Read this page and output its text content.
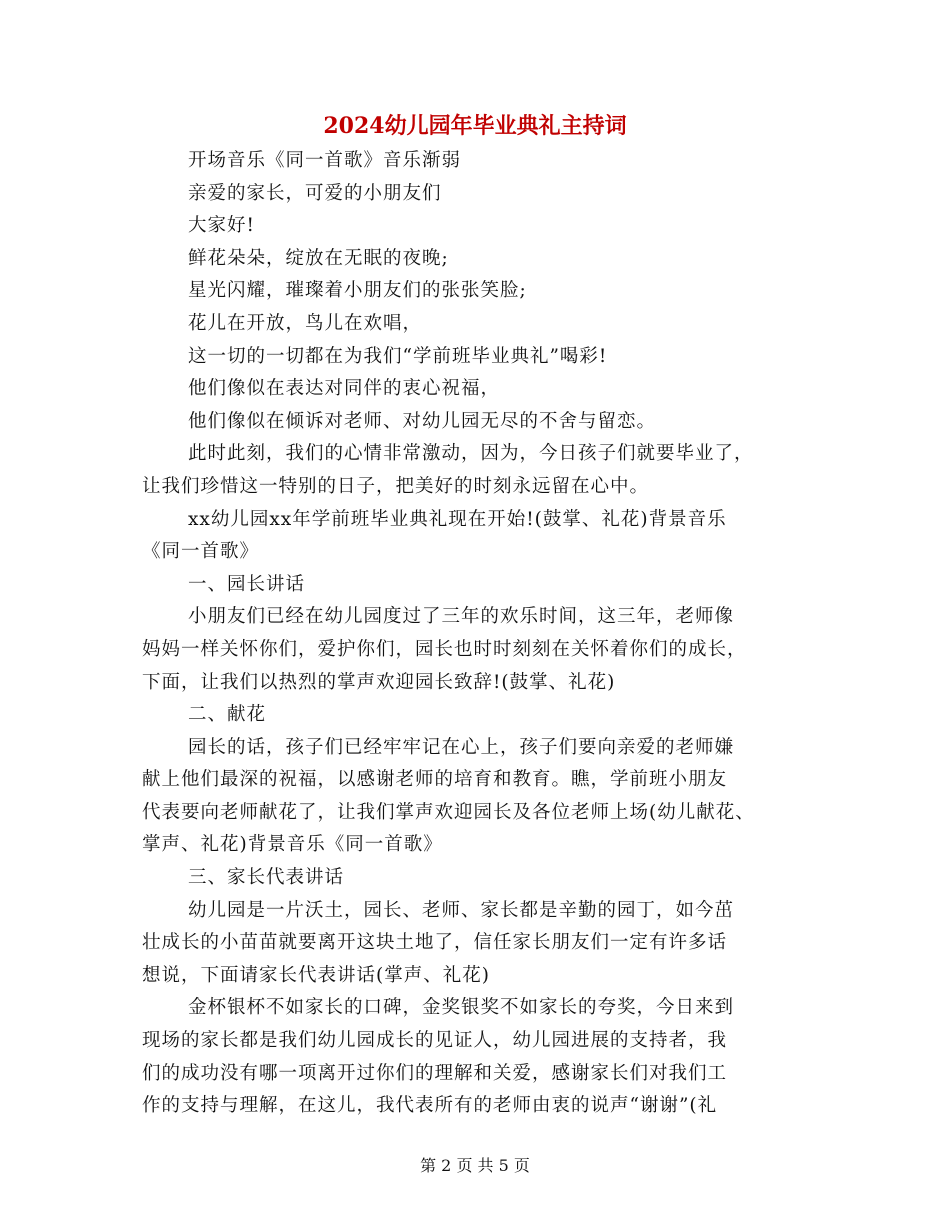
2024幼儿园年毕业典礼主持词
开场音乐《同一首歌》音乐渐弱
亲爱的家长，可爱的小朋友们
大家好!
鲜花朵朵，绽放在无眠的夜晚;
星光闪耀，璀璨着小朋友们的张张笑脸;
花儿在开放，鸟儿在欢唱，
这一切的一切都在为我们“学前班毕业典礼”喝彩!
他们像似在表达对同伴的衷心祝福，
他们像似在倾诉对老师、对幼儿园无尽的不舍与留恋。
此时此刻，我们的心情非常激动，因为，今日孩子们就要毕业了，
让我们珍惜这一特别的日子，把美好的时刻永远留在心中。
xx幼儿园xx年学前班毕业典礼现在开始!(鼓掌、礼花)背景音乐
《同一首歌》
一、园长讲话
小朋友们已经在幼儿园度过了三年的欢乐时间，这三年，老师像
妈妈一样关怀你们，爱护你们，园长也时时刻刻在关怀着你们的成长，
下面，让我们以热烈的掌声欢迎园长致辞!(鼓掌、礼花)
二、献花
园长的话，孩子们已经牢牢记在心上，孩子们要向亲爱的老师嫌
献上他们最深的祝福，以感谢老师的培育和教育。瞧，学前班小朋友
代表要向老师献花了，让我们掌声欢迎园长及各位老师上场(幼儿献花、
掌声、礼花)背景音乐《同一首歌》
三、家长代表讲话
幼儿园是一片沃土，园长、老师、家长都是辛勤的园丁，如今茁
壮成长的小苗苗就要离开这块土地了，信任家长朋友们一定有许多话
想说，下面请家长代表讲话(掌声、礼花)
金杯银杯不如家长的口碑，金奖银奖不如家长的夸奖，今日来到
现场的家长都是我们幼儿园成长的见证人，幼儿园进展的支持者，我
们的成功没有哪一项离开过你们的理解和关爱，感谢家长们对我们工
作的支持与理解，在这儿，我代表所有的老师由衷的说声“谢谢”(礼
第 2 页 共 5 页
